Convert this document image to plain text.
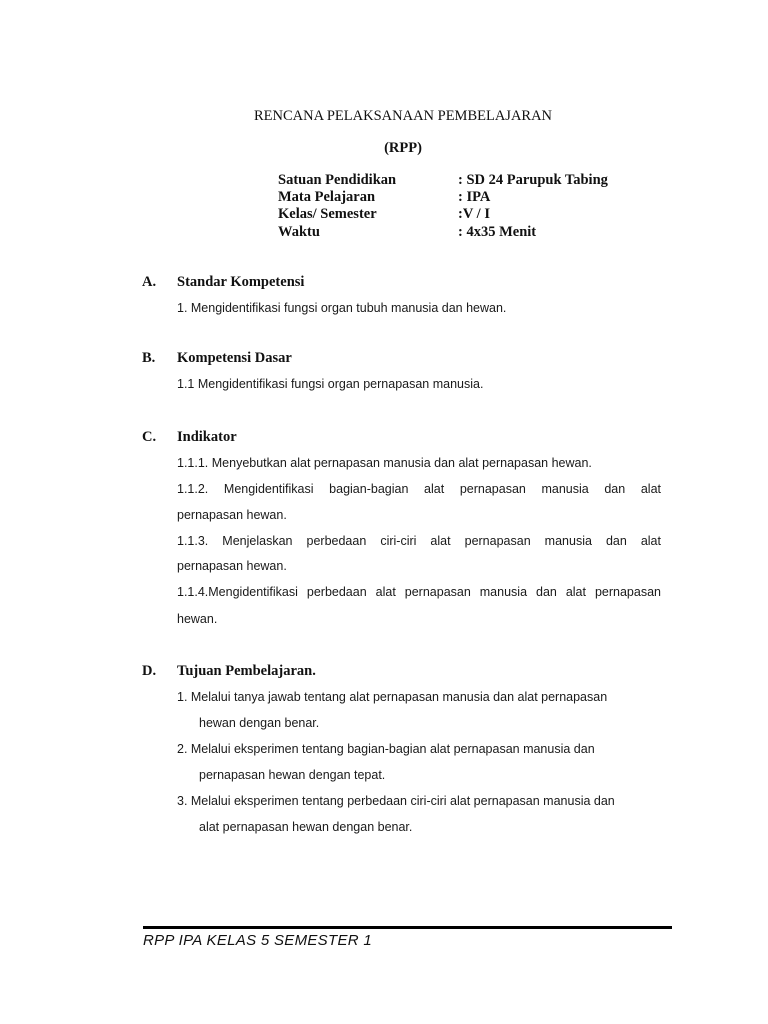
RENCANA PELAKSANAAN PEMBELAJARAN
(RPP)
Satuan Pendidikan	: SD 24 Parupuk Tabing
Mata Pelajaran	: IPA
Kelas/ Semester	:V / I
Waktu	: 4x35 Menit
A. Standar Kompetensi
1. Mengidentifikasi fungsi organ tubuh manusia dan hewan.
B. Kompetensi Dasar
1.1 Mengidentifikasi fungsi organ pernapasan manusia.
C. Indikator
1.1.1. Menyebutkan alat pernapasan manusia dan alat pernapasan hewan.
1.1.2. Mengidentifikasi bagian-bagian alat pernapasan manusia dan alat
pernapasan hewan.
1.1.3. Menjelaskan perbedaan ciri-ciri alat pernapasan manusia dan alat
pernapasan hewan.
1.1.4.Mengidentifikasi perbedaan alat pernapasan manusia dan alat pernapasan
hewan.
D. Tujuan Pembelajaran.
1. Melalui tanya jawab tentang alat pernapasan manusia dan alat pernapasan
hewan dengan benar.
2. Melalui eksperimen tentang bagian-bagian alat pernapasan manusia dan
pernapasan hewan dengan tepat.
3. Melalui eksperimen tentang perbedaan ciri-ciri alat pernapasan manusia dan
alat pernapasan hewan dengan benar.
RPP IPA KELAS 5 SEMESTER 1
